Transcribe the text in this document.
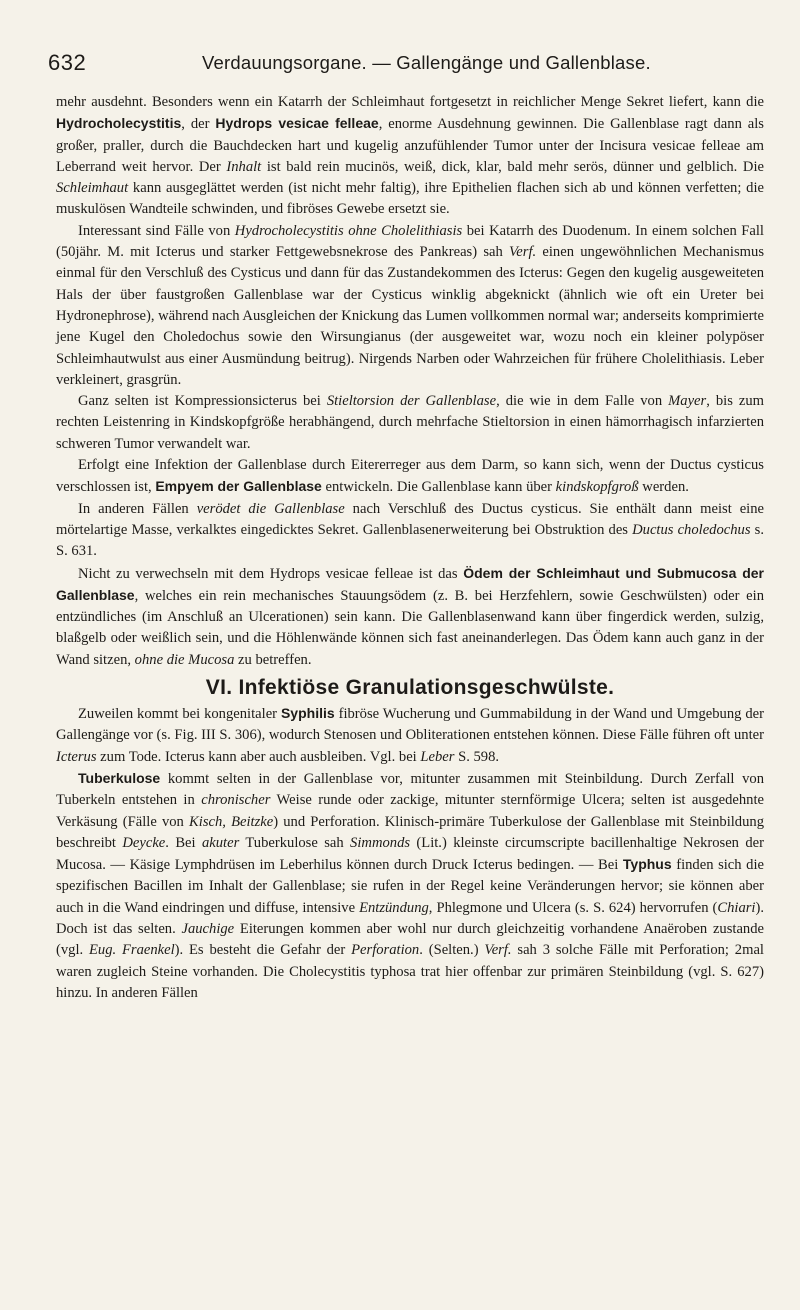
632	Verdauungsorgane. — Gallengänge und Gallenblase.

mehr ausdehnt. Besonders wenn ein Katarrh der Schleimhaut fortgesetzt in reichlicher Menge Sekret liefert, kann die Hydrocholecystitis, der Hydrops vesicae felleae, enorme Ausdehnung gewinnen. Die Gallenblase ragt dann als großer, praller, durch die Bauchdecken hart und kugelig anzufühlender Tumor unter der Incisura vesicae felleae am Leberrand weit hervor. Der Inhalt ist bald rein mucinös, weiß, dick, klar, bald mehr serös, dünner und gelblich. Die Schleimhaut kann ausgeglättet werden (ist nicht mehr faltig), ihre Epithelien flachen sich ab und können verfetten; die muskulösen Wandteile schwinden, und fibröses Gewebe ersetzt sie.

Interessant sind Fälle von Hydrocholecystitis ohne Cholelithiasis bei Katarrh des Duodenum. In einem solchen Fall (50jähr. M. mit Icterus und starker Fettgewebsnekrose des Pankreas) sah Verf. einen ungewöhnlichen Mechanismus einmal für den Verschluß des Cysticus und dann für das Zustandekommen des Icterus: Gegen den kugelig ausgeweiteten Hals der über faustgroßen Gallenblase war der Cysticus winklig abgeknickt (ähnlich wie oft ein Ureter bei Hydronephrose), während nach Ausgleichen der Knickung das Lumen vollkommen normal war; anderseits komprimierte jene Kugel den Choledochus sowie den Wirsungianus (der ausgeweitet war, wozu noch ein kleiner polypöser Schleimhautwulst aus einer Ausmündung beitrug). Nirgends Narben oder Wahrzeichen für frühere Cholelithiasis. Leber verkleinert, grasgrün.

Ganz selten ist Kompressionsicterus bei Stieltorsion der Gallenblase, die wie in dem Falle von Mayer, bis zum rechten Leistenring in Kindskopfgröße herabhängend, durch mehrfache Stieltorsion in einen hämorrhagisch infarzierten schweren Tumor verwandelt war.

Erfolgt eine Infektion der Gallenblase durch Eitererreger aus dem Darm, so kann sich, wenn der Ductus cysticus verschlossen ist, Empyem der Gallenblase entwickeln. Die Gallenblase kann über kindskopfgroß werden.

In anderen Fällen verödet die Gallenblase nach Verschluß des Ductus cysticus. Sie enthält dann meist eine mörtelartige Masse, verkalktes eingedicktes Sekret. Gallenblasenerweiterung bei Obstruktion des Ductus choledochus s. S. 631.

Nicht zu verwechseln mit dem Hydrops vesicae felleae ist das Ödem der Schleimhaut und Submucosa der Gallenblase, welches ein rein mechanisches Stauungsödem (z. B. bei Herzfehlern, sowie Geschwülsten) oder ein entzündliches (im Anschluß an Ulcerationen) sein kann. Die Gallenblasenwand kann über fingerdick werden, sulzig, blaßgelb oder weißlich sein, und die Höhlenwände können sich fast aneinanderlegen. Das Ödem kann auch ganz in der Wand sitzen, ohne die Mucosa zu betreffen.

VI. Infektiöse Granulationsgeschwülste.

Zuweilen kommt bei kongenitaler Syphilis fibröse Wucherung und Gummabildung in der Wand und Umgebung der Gallengänge vor (s. Fig. III S. 306), wodurch Stenosen und Obliterationen entstehen können. Diese Fälle führen oft unter Icterus zum Tode. Icterus kann aber auch ausbleiben. Vgl. bei Leber S. 598.

Tuberkulose kommt selten in der Gallenblase vor, mitunter zusammen mit Steinbildung. Durch Zerfall von Tuberkeln entstehen in chronischer Weise runde oder zackige, mitunter sternförmige Ulcera; selten ist ausgedehnte Verkäsung (Fälle von Kisch, Beitzke) und Perforation. Klinisch-primäre Tuberkulose der Gallenblase mit Steinbildung beschreibt Deycke. Bei akuter Tuberkulose sah Simmonds (Lit.) kleinste circumscripte bacillenhaltige Nekrosen der Mucosa. — Käsige Lymphdrüsen im Leberhilus können durch Druck Icterus bedingen. — Bei Typhus finden sich die spezifischen Bacillen im Inhalt der Gallenblase; sie rufen in der Regel keine Veränderungen hervor; sie können aber auch in die Wand eindringen und diffuse, intensive Entzündung, Phlegmone und Ulcera (s. S. 624) hervorrufen (Chiari). Doch ist das selten. Jauchige Eiterungen kommen aber wohl nur durch gleichzeitig vorhandene Anaëroben zustande (vgl. Eug. Fraenkel). Es besteht die Gefahr der Perforation. (Selten.) Verf. sah 3 solche Fälle mit Perforation; 2mal waren zugleich Steine vorhanden. Die Cholecystitis typhosa trat hier offenbar zur primären Steinbildung (vgl. S. 627) hinzu. In anderen Fällen
